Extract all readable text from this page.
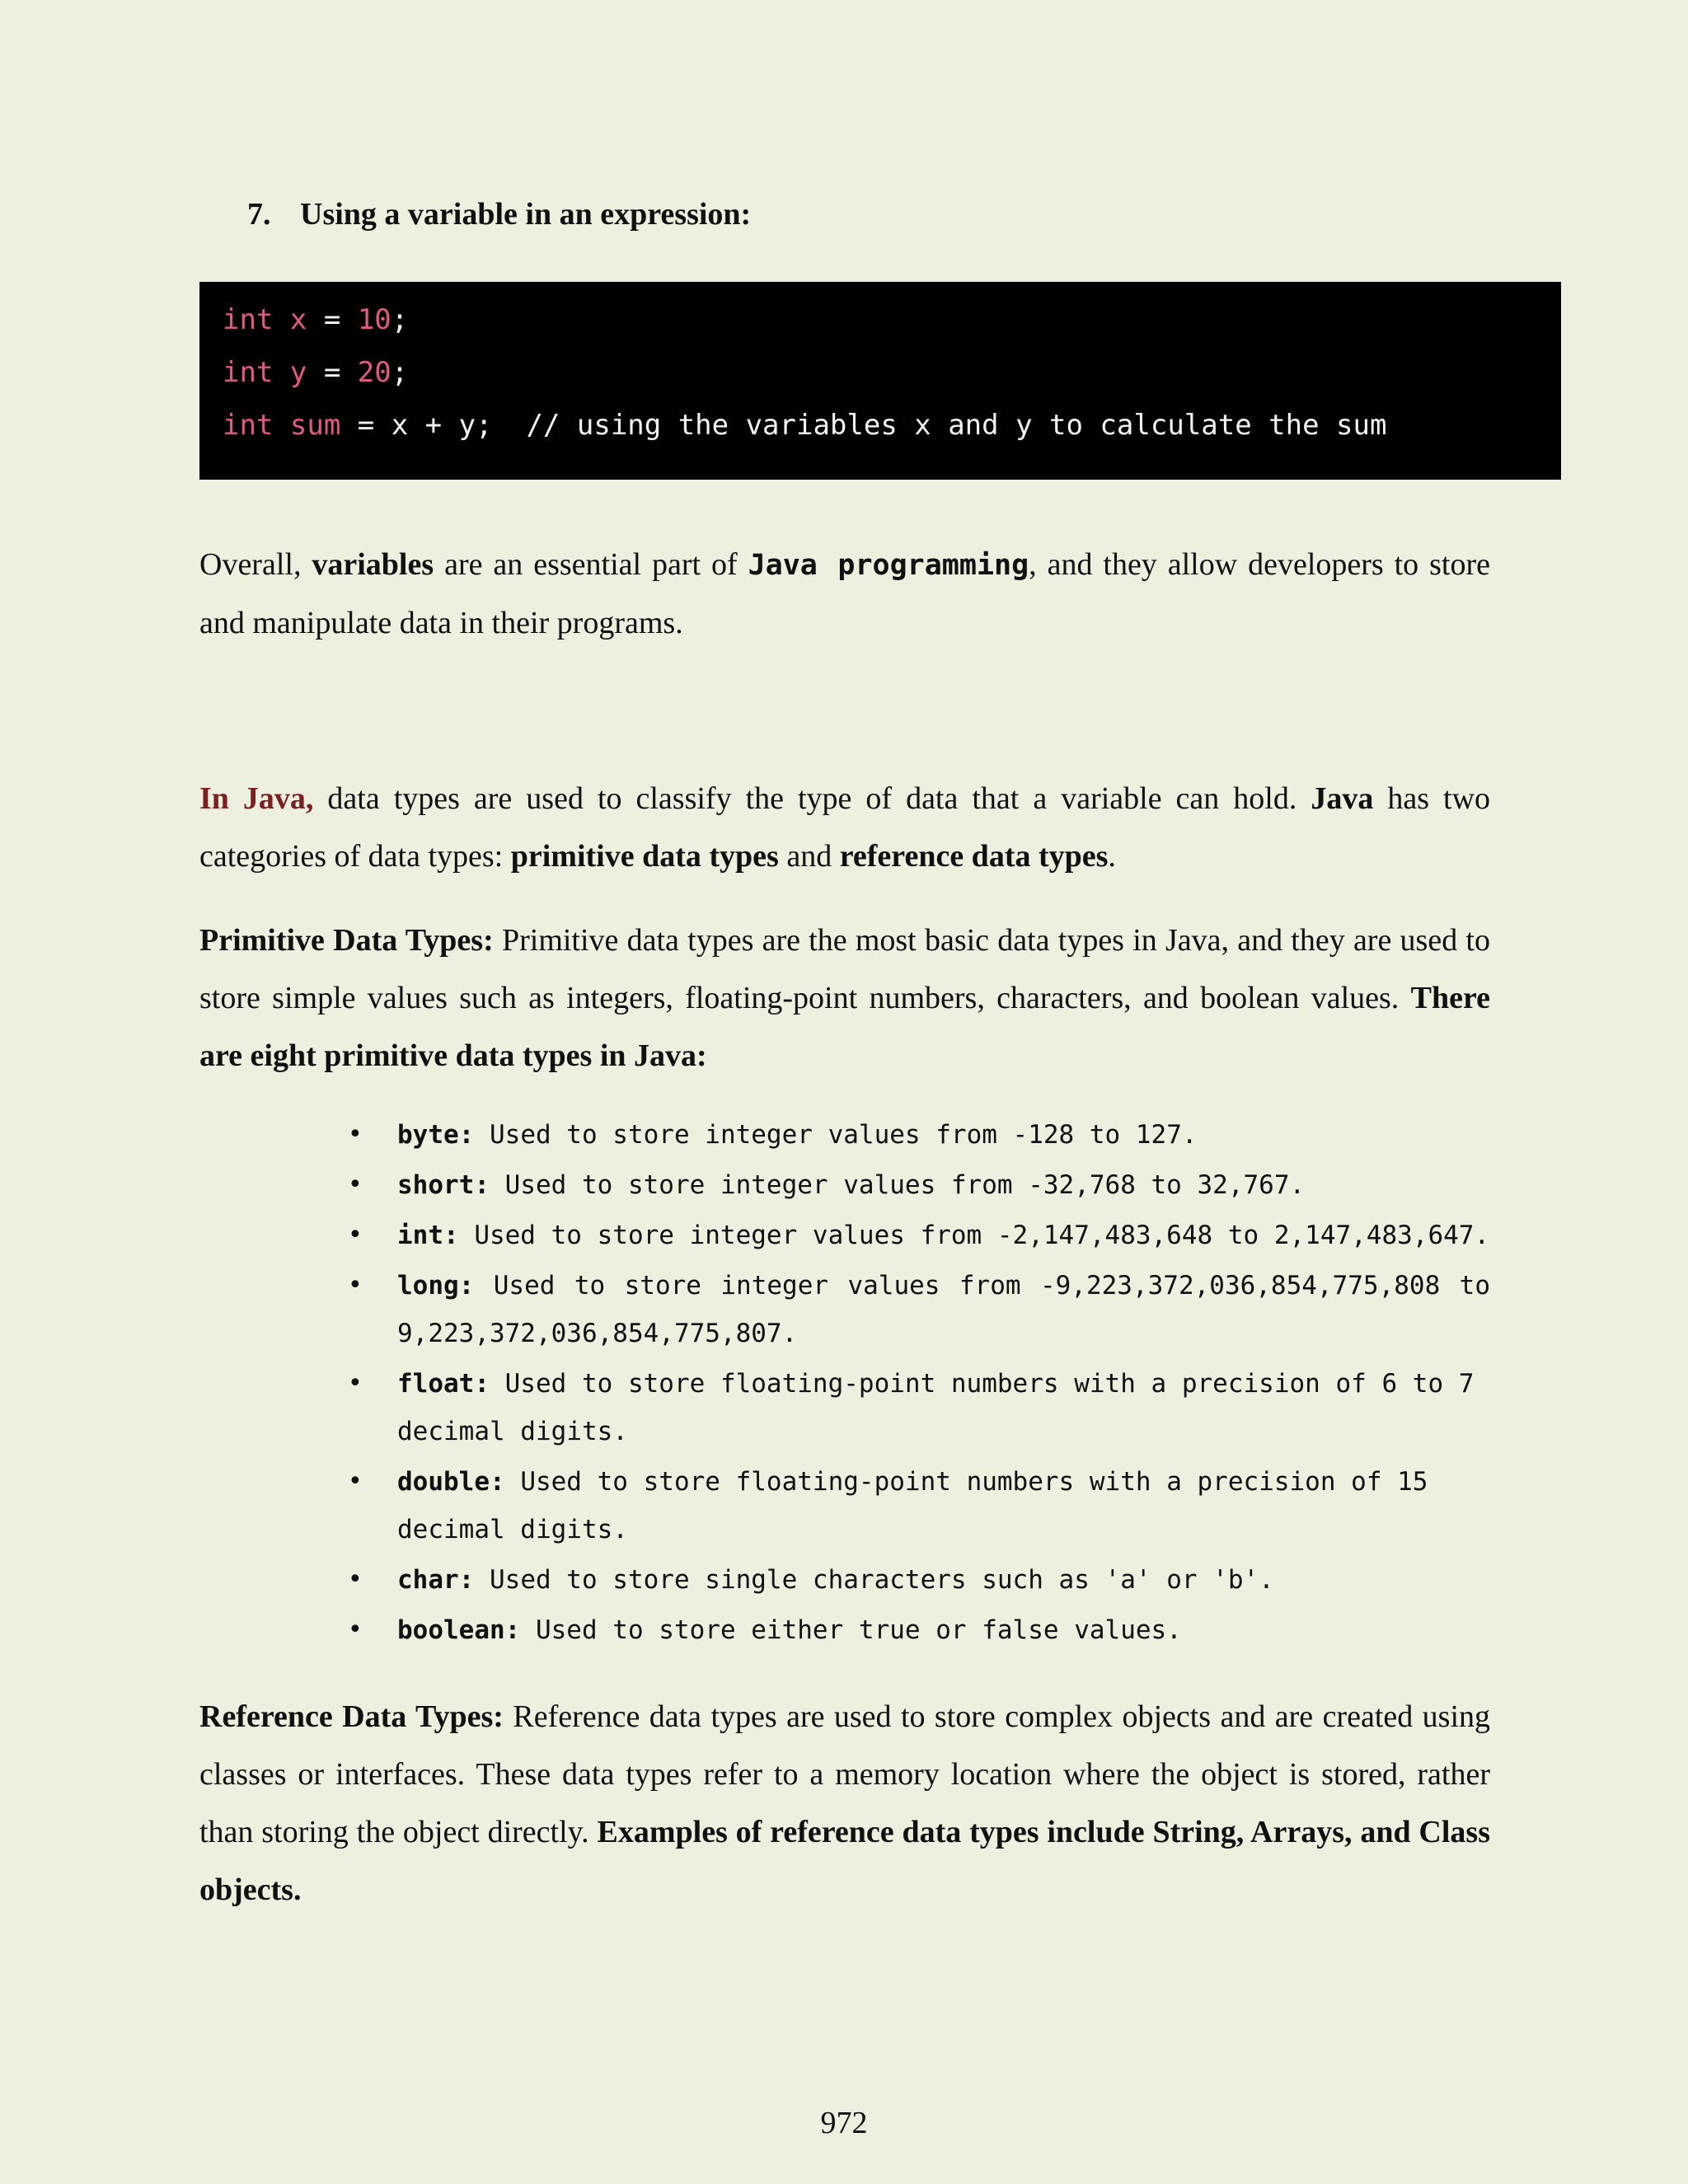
7. Using a variable in an expression:
int x = 10;
int y = 20;
int sum = x + y;  // using the variables x and y to calculate the sum

Overall, variables are an essential part of Java programming, and they allow developers to store and manipulate data in their programs.

In Java, data types are used to classify the type of data that a variable can hold. Java has two categories of data types: primitive data types and reference data types.

Primitive Data Types: Primitive data types are the most basic data types in Java, and they are used to store simple values such as integers, floating-point numbers, characters, and boolean values. There are eight primitive data types in Java:

• byte: Used to store integer values from -128 to 127.
• short: Used to store integer values from -32,768 to 32,767.
• int: Used to store integer values from -2,147,483,648 to 2,147,483,647.
• long: Used to store integer values from -9,223,372,036,854,775,808 to 9,223,372,036,854,775,807.
• float: Used to store floating-point numbers with a precision of 6 to 7 decimal digits.
• double: Used to store floating-point numbers with a precision of 15 decimal digits.
• char: Used to store single characters such as 'a' or 'b'.
• boolean: Used to store either true or false values.

Reference Data Types: Reference data types are used to store complex objects and are created using classes or interfaces. These data types refer to a memory location where the object is stored, rather than storing the object directly. Examples of reference data types include String, Arrays, and Class objects.

972
